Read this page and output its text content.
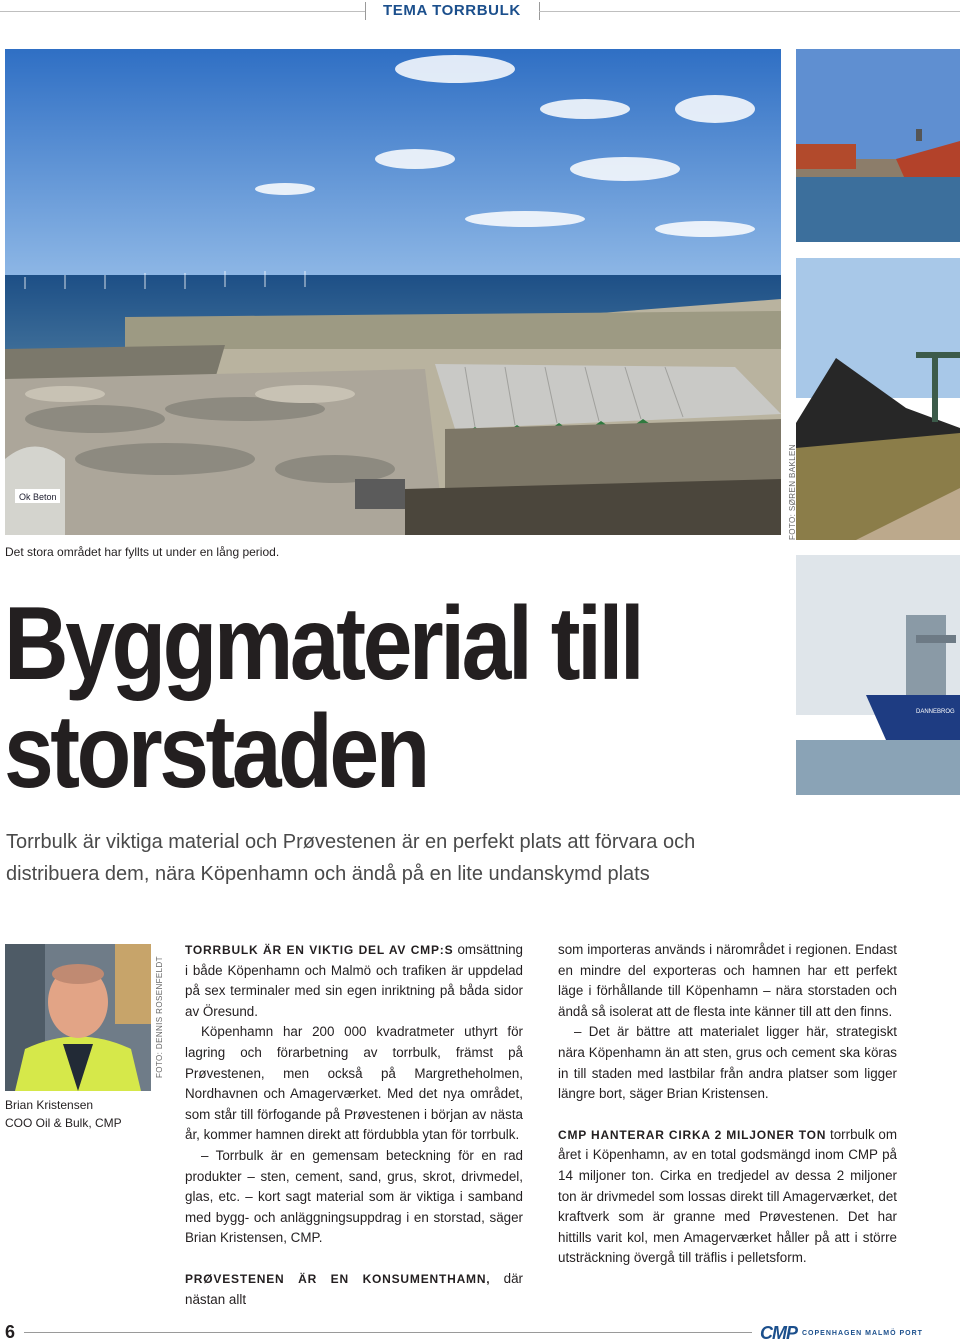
TEMA TORRBULK
Ok Beton
Det stora området har fyllts ut under en lång period.
FOTO: SØREN BAKLEN
DANNEBROG
Byggmaterial till
storstaden
Torrbulk är viktiga material och Prøvestenen är en perfekt plats att förvara och distribuera dem, nära Köpenhamn och ändå på en lite undanskymd plats
FOTO: DENNIS ROSENFELDT
Brian Kristensen
COO Oil & Bulk, CMP

TORRBULK ÄR EN VIKTIG DEL AV CMP:S omsättning i både Köpenhamn och Malmö och trafiken är uppdelad på sex terminaler med sin egen inriktning på båda sidor av Öresund.

Köpenhamn har 200 000 kvadratmeter uthyrt för lagring och förarbetning av torrbulk, främst på Prøvestenen, men också på Margretheholmen, Nordhavnen och Amagerværket. Med det nya området, som står till förfogande på Prøvestenen i början av nästa år, kommer hamnen direkt att fördubbla ytan för torrbulk.

– Torrbulk är en gemensam beteckning för en rad produkter – sten, cement, sand, grus, skrot, drivmedel, glas, etc. – kort sagt material som är viktiga i samband med bygg- och anläggningsuppdrag i en storstad, säger Brian Kristensen, CMP.

PRØVESTENEN ÄR EN KONSUMENTHAMN, där nästan allt

som importeras används i närområdet i regionen. Endast en mindre del exporteras och hamnen har ett perfekt läge i förhållande till Köpenhamn – nära storstaden och ändå så isolerat att de flesta inte känner till att den finns.

– Det är bättre att materialet ligger här, strategiskt nära Köpenhamn än att sten, grus och cement ska köras in till staden med lastbilar från andra platser som ligger längre bort, säger Brian Kristensen.

CMP HANTERAR CIRKA 2 MILJONER TON torrbulk om året i Köpenhamn, av en total godsmängd inom CMP på 14 miljoner ton. Cirka en tredjedel av dessa 2 miljoner ton är drivmedel som lossas direkt till Amagerværket, det kraftverk som är granne med Prøvestenen. Det har hittills varit kol, men Amagerværket håller på att i större utsträckning övergå till träflis i pelletsform.

6	CMP COPENHAGEN MALMÖ PORT
